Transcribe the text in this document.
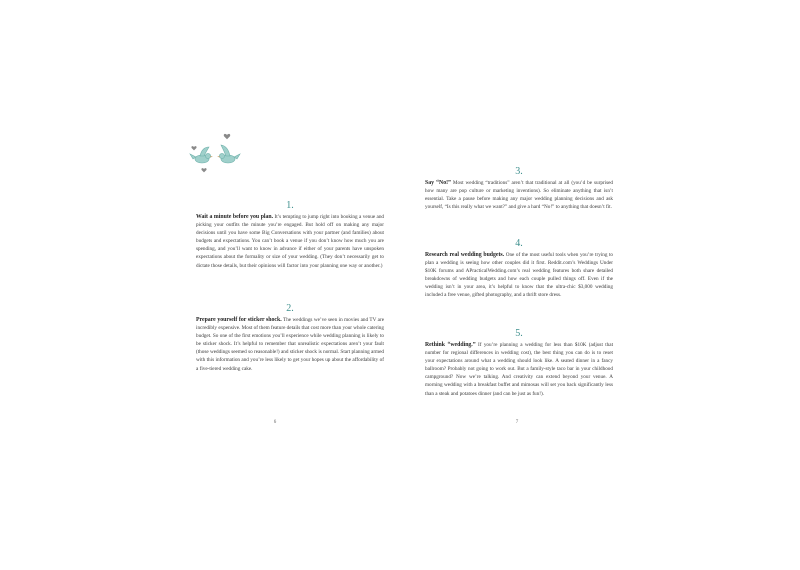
1.
Wait a minute before you plan. It’s tempting to jump right into booking a venue and picking your outfits the minute you’re engaged. But hold off on making any major decisions until you have some Big Conversations with your partner (and families) about budgets and expectations. You can’t book a venue if you don’t know how much you are spending, and you’ll want to know in advance if either of your parents have unspoken expectations about the formality or size of your wedding. (They don’t necessarily get to dictate those details, but their opinions will factor into your planning one way or another.)
2.
Prepare yourself for sticker shock. The weddings we’ve seen in movies and TV are incredibly expensive. Most of them feature details that cost more than your whole catering budget. So one of the first emotions you’ll experience while wedding planning is likely to be sticker shock. It’s helpful to remember that unrealistic expectations aren’t your fault (those weddings seemed so reasonable!) and sticker shock is normal. Start planning armed with this information and you’re less likely to get your hopes up about the affordability of a five-tiered wedding cake.
6
3.
Say “No!” Most wedding “traditions” aren’t that traditional at all (you’d be surprised how many are pop culture or marketing inventions). So eliminate anything that isn’t essential. Take a pause before making any major wedding planning decisions and ask yourself, “Is this really what we want?” and give a hard “No!” to anything that doesn’t fit.
4.
Research real wedding budgets. One of the most useful tools when you’re trying to plan a wedding is seeing how other couples did it first. Reddit.com’s Weddings Under $10K forums and APracticalWedding.com’s real wedding features both share detailed breakdowns of wedding budgets and how each couple pulled things off. Even if the wedding isn’t in your area, it’s helpful to know that the ultra-chic $3,000 wedding included a free venue, gifted photography, and a thrift store dress.
5.
Rethink “wedding.” If you’re planning a wedding for less than $10K (adjust that number for regional differences in wedding cost), the best thing you can do is to reset your expectations around what a wedding should look like. A seated dinner in a fancy ballroom? Probably not going to work out. But a family-style taco bar in your childhood campground? Now we’re talking. And creativity can extend beyond your venue. A morning wedding with a breakfast buffet and mimosas will set you back significantly less than a steak and potatoes dinner (and can be just as fun!).
7
